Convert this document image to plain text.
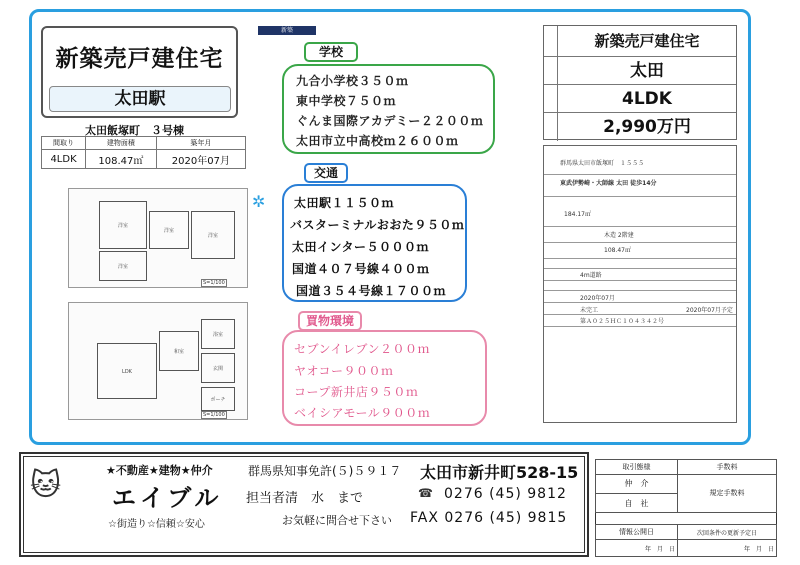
新築売戸建住宅
太田駅
太田飯塚町　３号棟
間取り	建物面積	築年月
4LDK	108.47㎡	2020年07月
新築
洋室
洋室
洋室
洋室
S=1/100
LDK
和室
浴室
玄関
ポーチ
S=1/100
✲
学校
九合小学校３５０ｍ
東中学校７５０ｍ
ぐんま国際アカデミー２２００ｍ
太田市立中高校ｍ２６００ｍ
交通
太田駅１１５０ｍ
バスターミナルおおた９５０ｍ
太田インター５０００ｍ
国道４０７号線４００ｍ
国道３５４号線１７００ｍ
買物環境
セブンイレブン２００ｍ
ヤオコー９００ｍ
コープ新井店９５０ｍ
ベイシアモール９００ｍ
新築売戸建住宅
太田
4LDK
2,990万円
群馬県太田市飯塚町　１５５５
東武伊勢崎・大師線 太田 徒歩14分
184.17㎡
木造 2階建
108.47㎡
4m道路
2020年07月
未完工	2020年07月予定
第Ａ０２５ＨＣ１０４３４２号
🐱	★不動産★建物★仲介
エイブル
☆街造り☆信頼☆安心
群馬県知事免許(５)５９１７
担当者清　水　まで
お気軽に問合せ下さい
太田市新井町528-15
☎ 0276 (45) 9812
FAX 0276 (45) 9815
取引態様	手数料
仲　介	規定手数料
自　社	

情報公開日	次回条件の更新予定日
年　月　日	年　月　日
